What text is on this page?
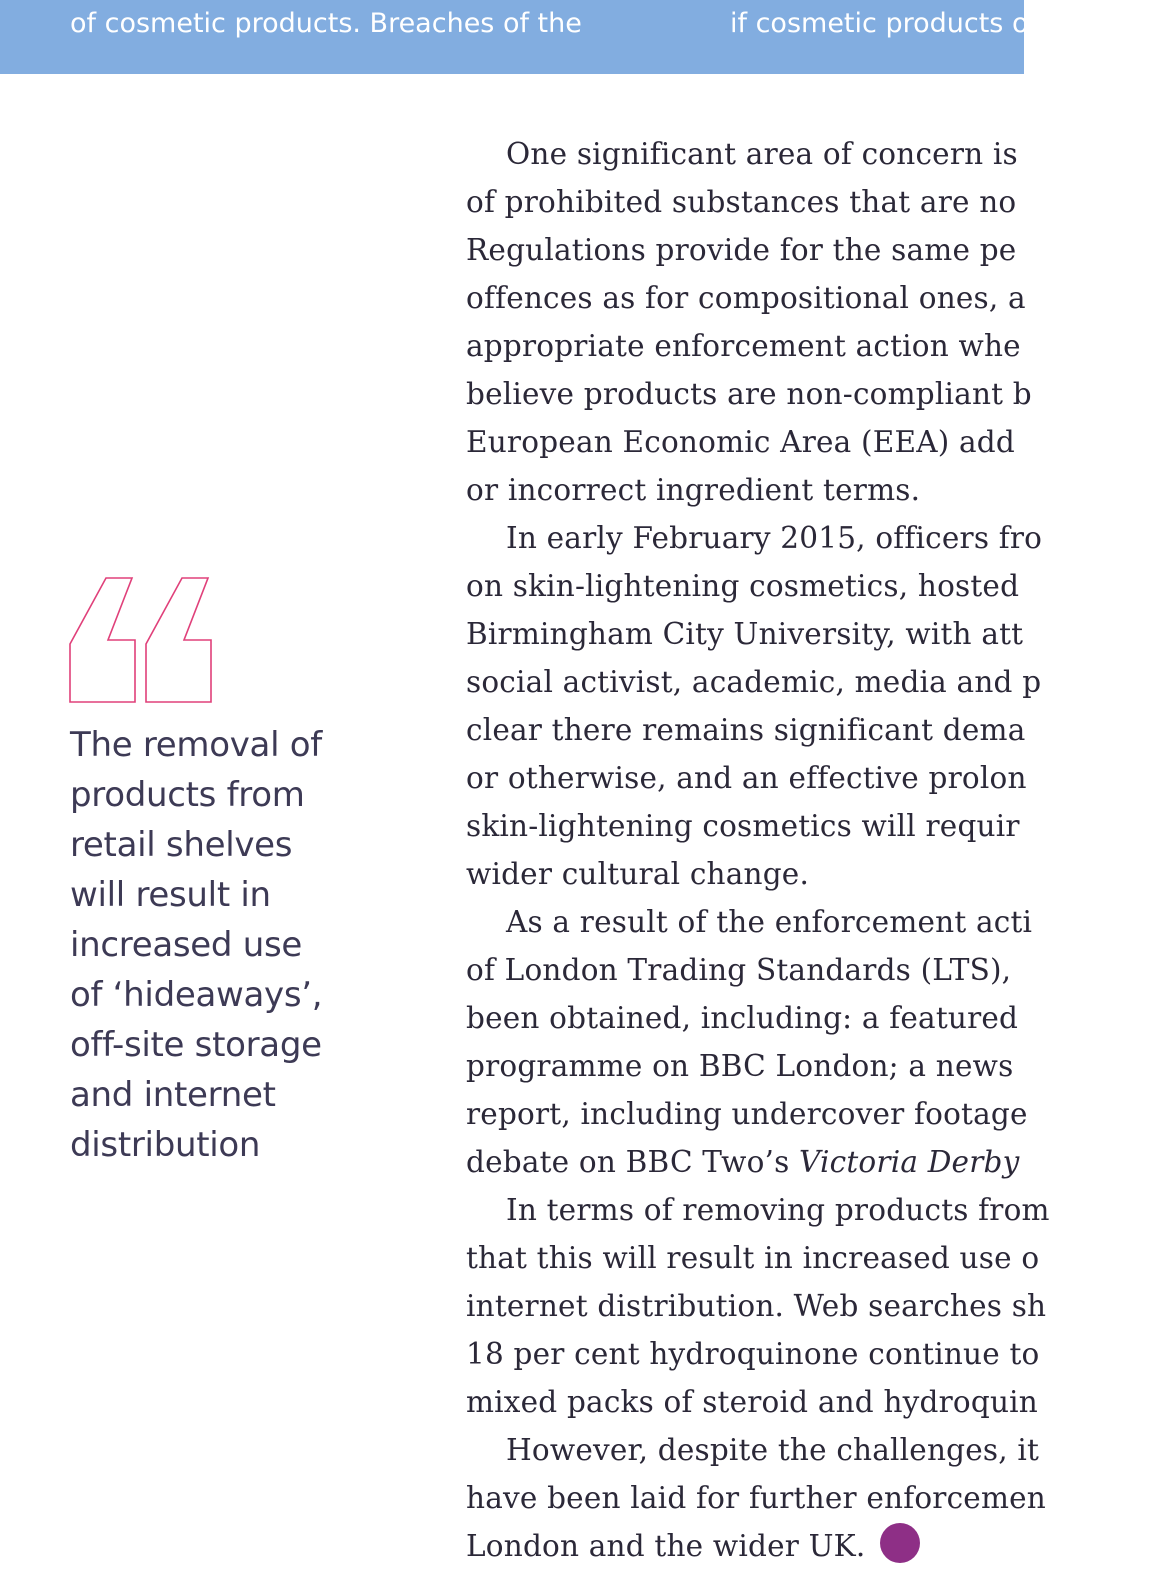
of cosmetic products. Breaches of the	if cosmetic products o
The removal of
products from
retail shelves
will result in
increased use
of ‘hideaways’,
off-site storage
and internet
distribution
One significant area of concern is
of prohibited substances that are no
Regulations provide for the same pe
offences as for compositional ones, a
appropriate enforcement action whe
believe products are non-compliant b
European Economic Area (EEA) add
or incorrect ingredient terms.
In early February 2015, officers fro
on skin-lightening cosmetics, hosted
Birmingham City University, with att
social activist, academic, media and p
clear there remains significant dema
or otherwise, and an effective prolon
skin-lightening cosmetics will requir
wider cultural change.
As a result of the enforcement acti
of London Trading Standards (LTS),
been obtained, including: a featured
programme on BBC London; a news
report, including undercover footage
debate on BBC Two’s Victoria Derby
In terms of removing products from
that this will result in increased use o
internet distribution. Web searches sh
18 per cent hydroquinone continue to
mixed packs of steroid and hydroquin
However, despite the challenges, it
have been laid for further enforcemen
London and the wider UK.
